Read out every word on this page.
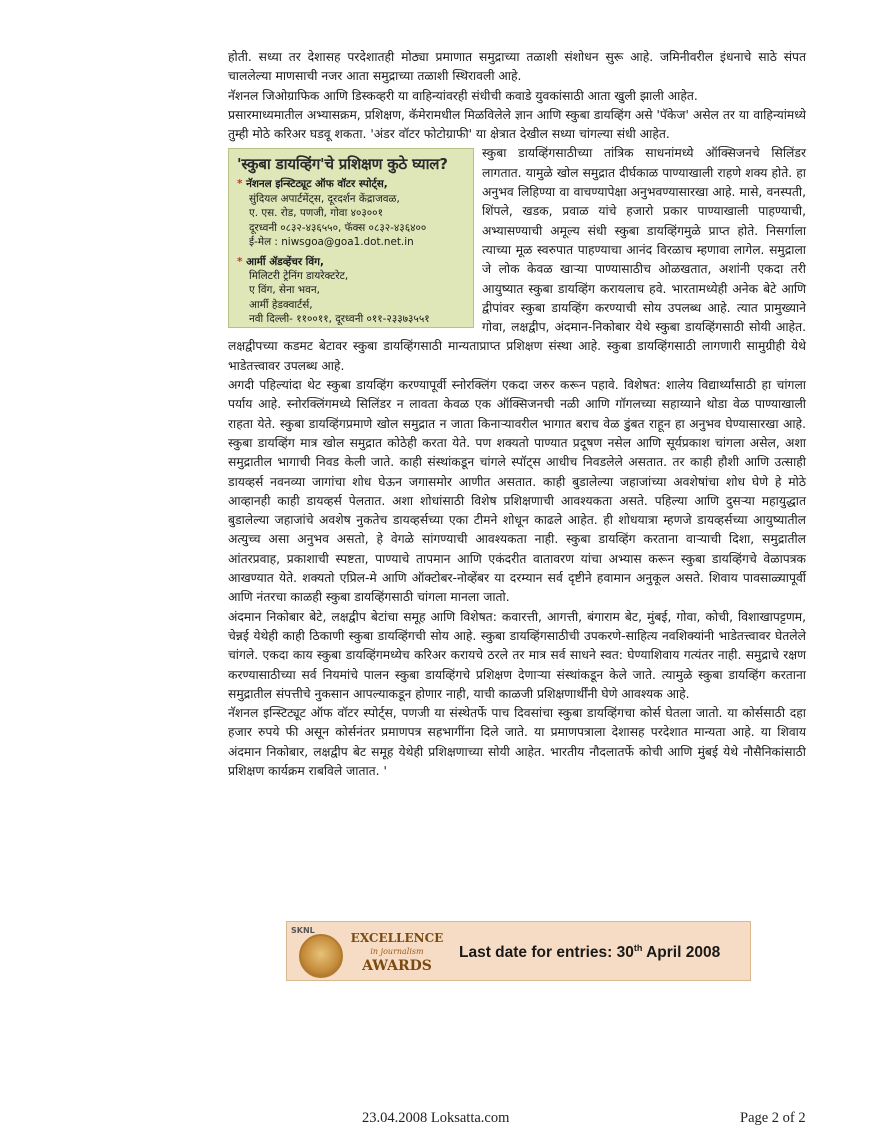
होती. सध्या तर देशासह परदेशातही मोठ्या प्रमाणात समुद्राच्या तळाशी संशोधन सुरू आहे. जमिनीवरील इंधनाचे साठे संपत चाललेल्या माणसाची नजर आता समुद्राच्या तळाशी स्थिरावली आहे.

नॅशनल जिओग्राफिक आणि डिस्कव्हरी या वाहिन्यांवरही संधीची कवाडे युवकांसाठी आता खुली झाली आहेत.

प्रसारमाध्यमातील अभ्यासक्रम, प्रशिक्षण, कॅमेरामधील मिळविलेले ज्ञान आणि स्कुबा डायव्हिंग असे 'पॅकेज' असेल तर या वाहिन्यांमध्ये तुम्ही मोठे करिअर घडवू शकता. 'अंडर वॉटर फोटोग्राफी' या क्षेत्रात देखील सध्या चांगल्या संधी आहेत.

'स्कुबा डायव्हिंग'चे प्रशिक्षण कुठे घ्याल?
* नॅशनल इन्स्टिट्यूट ऑफ वॉटर स्पोर्ट्स,
सुंदियल अपार्टमेंट्स, दूरदर्शन केंद्राजवळ,
ए. एस. रोड, पणजी, गोवा ४०३००१
दूरध्वनी ०८३२-४३६५५०, फॅक्स ०८३२-४३६४००
ई-मेल : niwsgoa@goa1.dot.net.in
* आर्मी ॲडव्हेंचर विंग,
मिलिटरी ट्रेनिंग डायरेक्टरेट,
ए विंग, सेना भवन,
आर्मी हेडक्वार्टर्स,
नवी दिल्ली- ११००११, दूरध्वनी ०११-२३३७३५५१

स्कुबा डायव्हिंगसाठीच्या तांत्रिक साधनांमध्ये ऑक्सिजनचे सिलिंडर लागतात. यामुळे खोल समुद्रात दीर्घकाळ पाण्याखाली राहणे शक्य होते. हा अनुभव लिहिण्या वा वाचण्यापेक्षा अनुभवण्यासारखा आहे. मासे, वनस्पती, शिंपले, खडक, प्रवाळ यांचे हजारो प्रकार पाण्याखाली पाहण्याची, अभ्यासण्याची अमूल्य संधी स्कुबा डायव्हिंगमुळे प्राप्त होते. निसर्गाला त्याच्या मूळ स्वरुपात पाहण्याचा आनंद विरळाच म्हणावा लागेल. समुद्राला जे लोक केवळ खाऱ्या पाण्यासाठीच ओळखतात, अशांनी एकदा तरी आयुष्यात स्कुबा डायव्हिंग करायलाच हवे. भारतामध्येही अनेक बेटे आणि द्वीपांवर स्कुबा डायव्हिंग करण्याची सोय उपलब्ध आहे. त्यात प्रामुख्याने गोवा, लक्षद्वीप, अंदमान-निकोबार येथे स्कुबा डायव्हिंगसाठी सोयी आहेत. लक्षद्वीपच्या कडमट बेटावर स्कुबा डायव्हिंगसाठी मान्यताप्राप्त प्रशिक्षण संस्था आहे. स्कुबा डायव्हिंगसाठी लागणारी सामुग्रीही येथे भाडेतत्त्वावर उपलब्ध आहे.

अगदी पहिल्यांदा थेट स्कुबा डायव्हिंग करण्यापूर्वी स्नोरक्लिंग एकदा जरुर करून पहावे. विशेषत: शालेय विद्यार्थ्यांसाठी हा चांगला पर्याय आहे. स्नोरक्लिंगमध्ये सिलिंडर न लावता केवळ एक ऑक्सिजनची नळी आणि गॉगलच्या सहाय्याने थोडा वेळ पाण्याखाली राहता येते. स्कुबा डायव्हिंगप्रमाणे खोल समुद्रात न जाता किनाऱ्यावरील भागात बराच वेळ डुंबत राहून हा अनुभव घेण्यासारखा आहे. स्कुबा डायव्हिंग मात्र खोल समुद्रात कोठेही करता येते. पण शक्यतो पाण्यात प्रदूषण नसेल आणि सूर्यप्रकाश चांगला असेल, अशा समुद्रातील भागाची निवड केली जाते. काही संस्थांकडून चांगले स्पॉट्स आधीच निवडलेले असतात. तर काही हौशी आणि उत्साही डायव्हर्स नवनव्या जागांचा शोध घेऊन जगासमोर आणीत असतात. काही बुडालेल्या जहाजांच्या अवशेषांचा शोध घेणे हे मोठे आव्हानही काही डायव्हर्स पेलतात. अशा शोधांसाठी विशेष प्रशिक्षणाची आवश्यकता असते. पहिल्या आणि दुसऱ्या महायुद्धात बुडालेल्या जहाजांचे अवशेष नुकतेच डायव्हर्सच्या एका टीमने शोधून काढले आहेत. ही शोधयात्रा म्हणजे डायव्हर्सच्या आयुष्यातील अत्युच्च असा अनुभव असतो, हे वेगळे सांगण्याची आवश्यकता नाही. स्कुबा डायव्हिंग करताना वाऱ्याची दिशा, समुद्रातील आंतरप्रवाह, प्रकाशाची स्पष्टता, पाण्याचे तापमान आणि एकंदरीत वातावरण यांचा अभ्यास करून स्कुबा डायव्हिंगचे वेळापत्रक आखण्यात येते. शक्यतो एप्रिल-मे आणि ऑक्टोबर-नोव्हेंबर या दरम्यान सर्व दृष्टीने हवामान अनुकूल असते. शिवाय पावसाळ्यापूर्वी आणि नंतरचा काळही स्कुबा डायव्हिंगसाठी चांगला मानला जातो.

अंदमान निकोबार बेटे, लक्षद्वीप बेटांचा समूह आणि विशेषत: कवारत्ती, आगत्ती, बंगाराम बेट, मुंबई, गोवा, कोची, विशाखापट्टणम, चेन्नई येथेही काही ठिकाणी स्कुबा डायव्हिंगची सोय आहे. स्कुबा डायव्हिंगसाठीची उपकरणे-साहित्य नवशिक्यांनी भाडेतत्त्वावर घेतलेले चांगले. एकदा काय स्कुबा डायव्हिंगमध्येच करिअर करायचे ठरले तर मात्र सर्व साधने स्वत: घेण्याशिवाय गत्यंतर नाही. समुद्राचे रक्षण करण्यासाठीच्या सर्व नियमांचे पालन स्कुबा डायव्हिंगचे प्रशिक्षण देणाऱ्या संस्थांकडून केले जाते. त्यामुळे स्कुबा डायव्हिंग करताना समुद्रातील संपत्तीचे नुकसान आपल्याकडून होणार नाही, याची काळजी प्रशिक्षणार्थींनी घेणे आवश्यक आहे.

नॅशनल इन्स्टिट्यूट ऑफ वॉटर स्पोर्ट्स, पणजी या संस्थेतर्फे पाच दिवसांचा स्कुबा डायव्हिंगचा कोर्स घेतला जातो. या कोर्ससाठी दहा हजार रुपये फी असून कोर्सनंतर प्रमाणपत्र सहभागींना दिले जाते. या प्रमाणपत्राला देशासह परदेशात मान्यता आहे. या शिवाय अंदमान निकोबार, लक्षद्वीप बेट समूह येथेही प्रशिक्षणाच्या सोयी आहेत. भारतीय नौदलातर्फे कोची आणि मुंबई येथे नौसैनिकांसाठी प्रशिक्षण कार्यक्रम राबविले जातात. '

SKNL
EXCELLENCE
in journalism
AWARDS
Last date for entries: 30th April 2008
23.04.2008 Loksatta.com	Page 2 of 2
